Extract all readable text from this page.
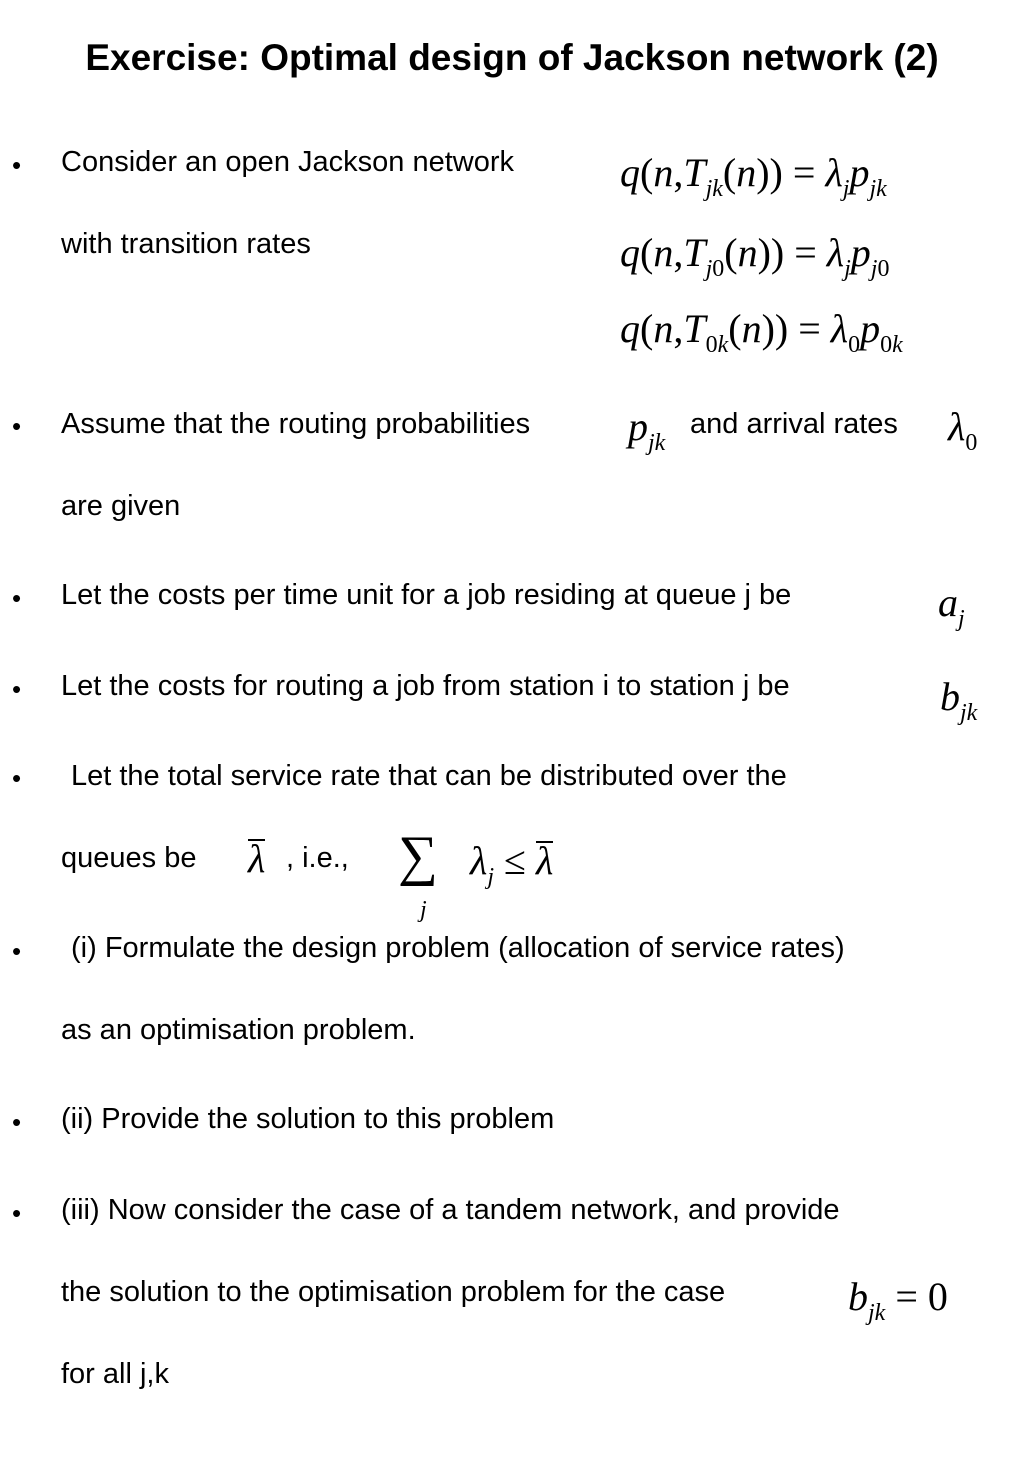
Exercise: Optimal design of Jackson network (2)
• Consider an open Jackson network
with transition rates
$q(n,T_{jk}(n)) = \lambda_jp_{jk}$
$q(n,T_{j0}(n)) = \lambda_jp_{j0}$
$q(n,T_{0k}(n)) = \lambda_0p_{0k}$
• Assume that the routing probabilities $p_{jk}$
and arrival rates $\lambda_0$
are given
• Let the costs per time unit for a job residing at queue j be	$a_j$
• Let the costs for routing a job from station i to station j be	$b_{jk}$
• Let the total service rate that can be distributed over the
queues be λ , i.e., ∑
j
$\lambda_j \le \lambda$
• (i) Formulate the design problem (allocation of service rates)
as an optimisation problem.
• (ii) Provide the solution to this problem
• (iii) Now consider the case of a tandem network, and provide
the solution to the optimisation problem for the case	$b_{jk} = 0$
for all j,k
